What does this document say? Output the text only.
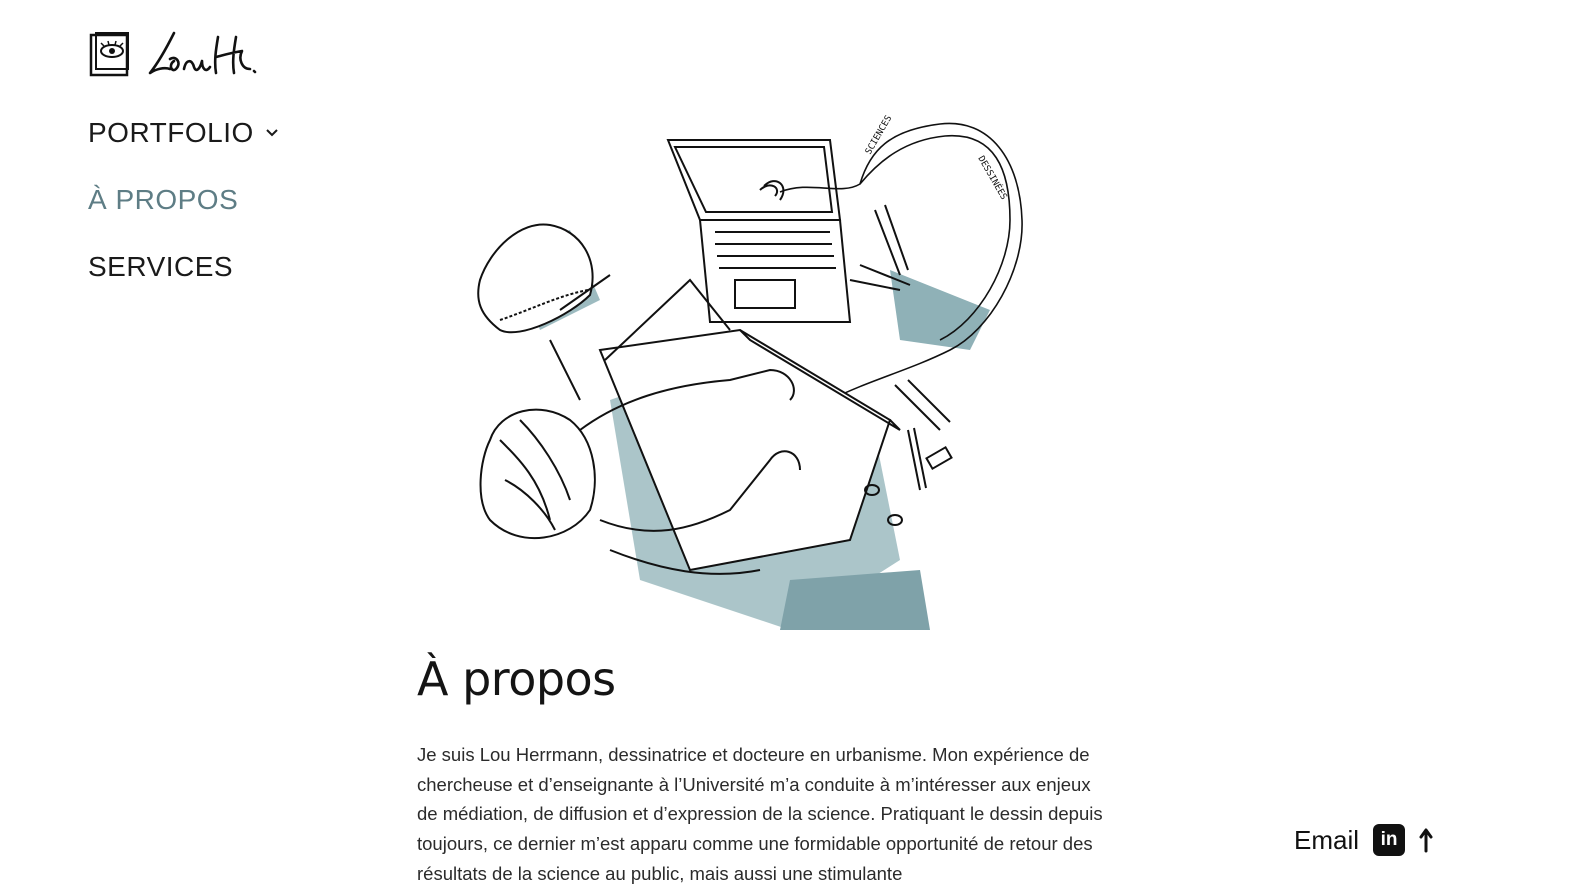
PORTFOLIO
À PROPOS
SERVICES
SCIENCES
DESSINÉES
À propos

Je suis Lou Herrmann, dessinatrice et docteure en urbanisme. Mon expérience de chercheuse et d’enseignante à l’Université m’a conduite à m’intéresser aux enjeux de médiation, de diffusion et d’expression de la science. Pratiquant le dessin depuis toujours, ce dernier m’est apparu comme une formidable opportunité de retour des résultats de la science au public, mais aussi une stimulante

Email	in
